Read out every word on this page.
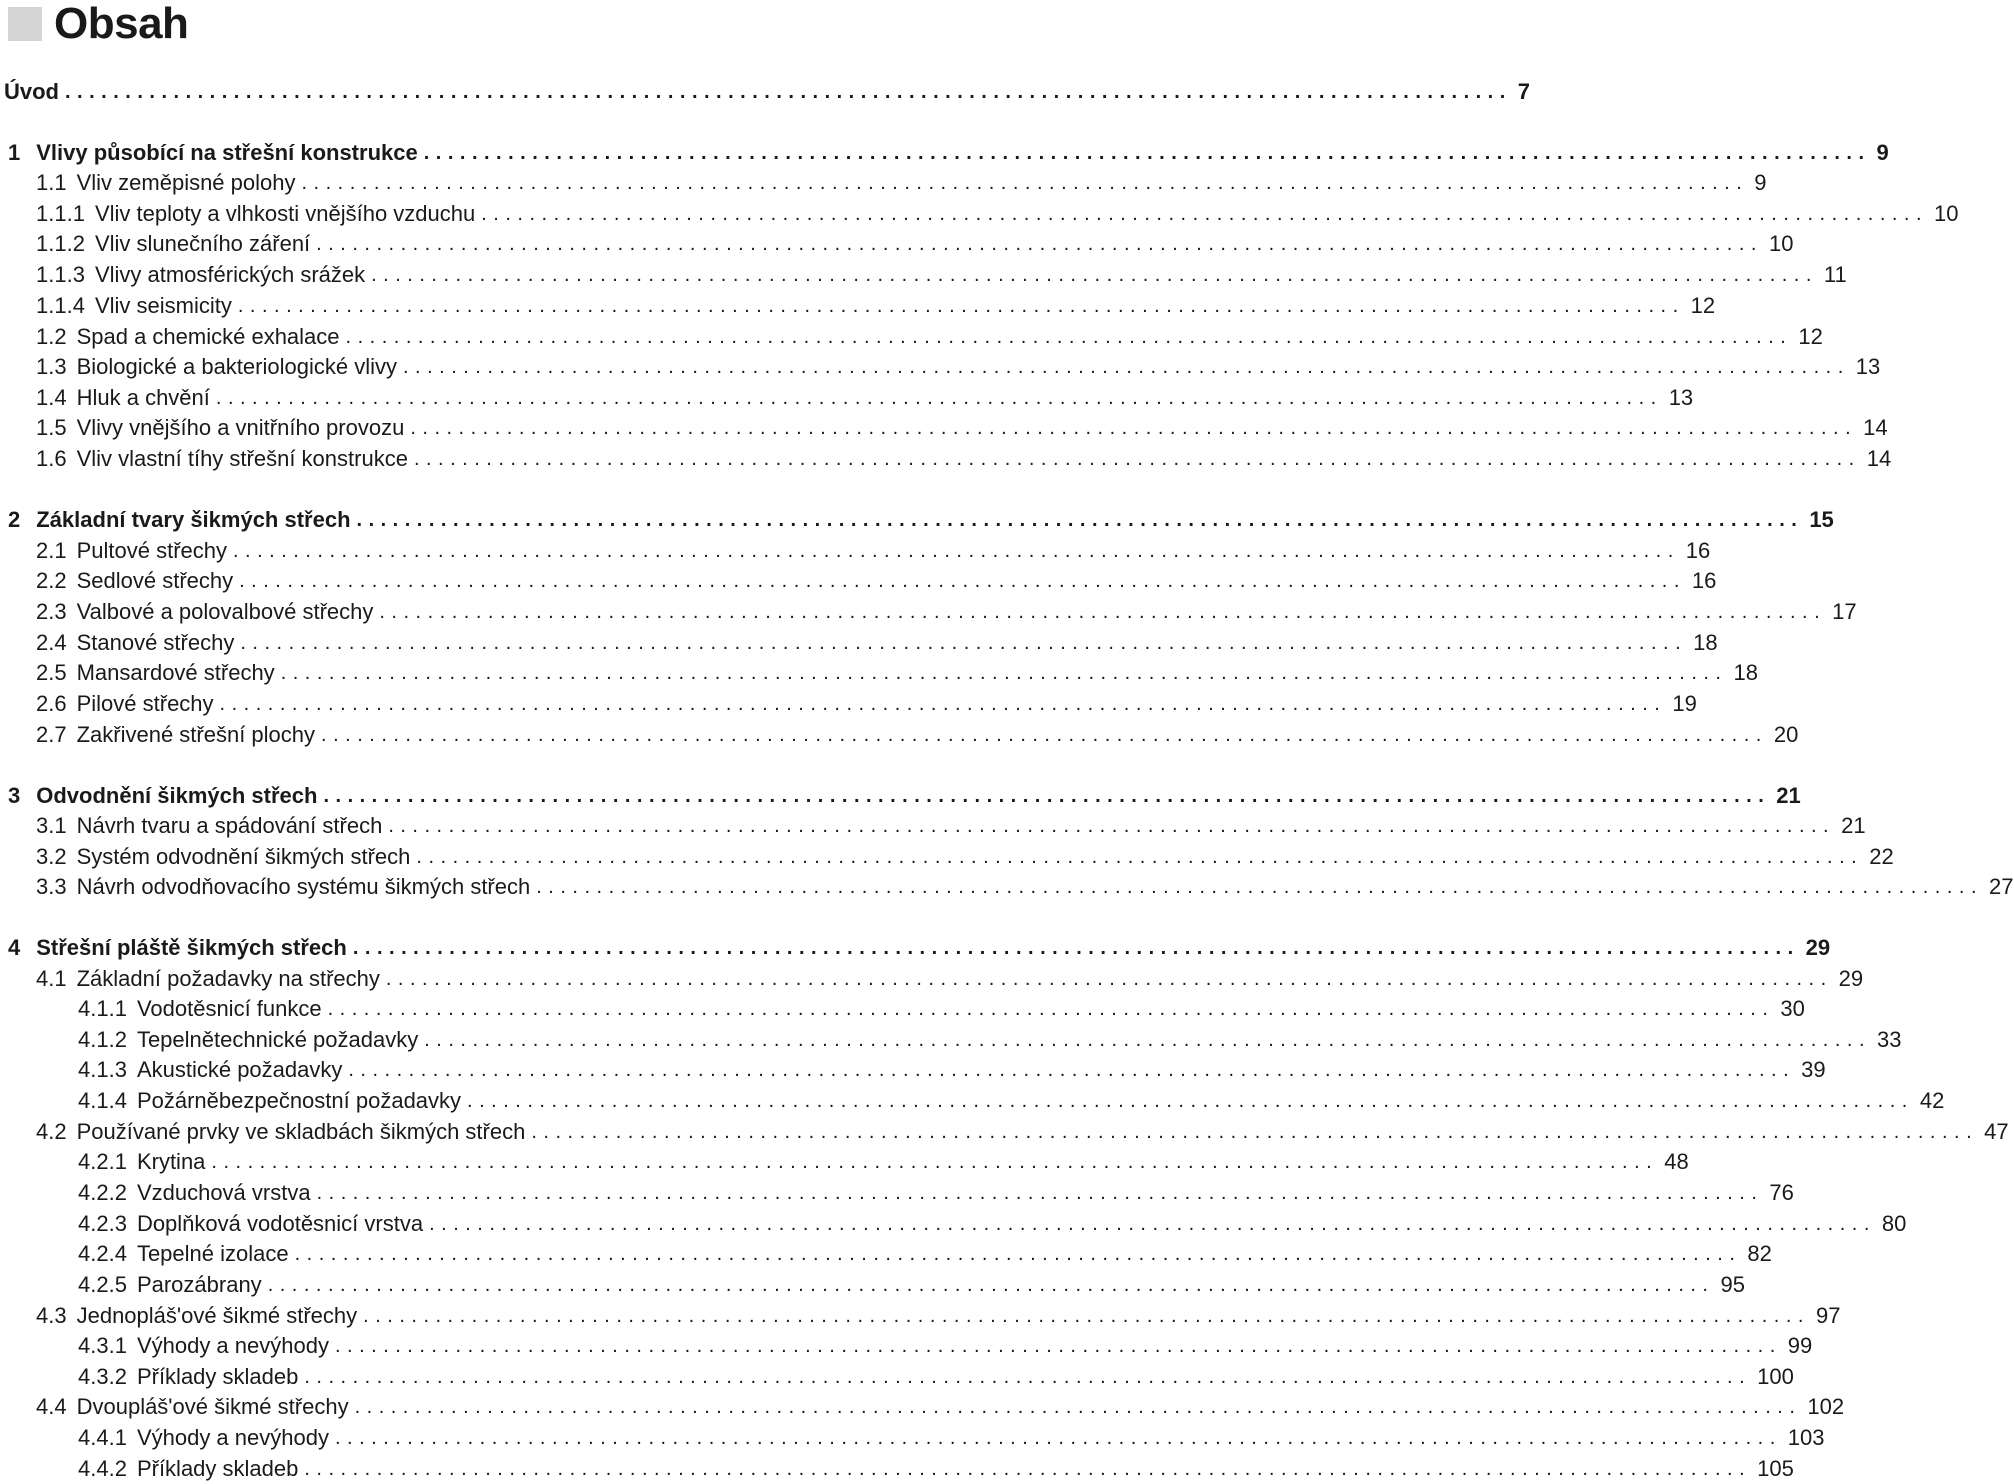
Obsah
Úvod ........................................................................................................................ 7
1 Vlivy působící na střešní konstrukce ........................................................................................................................ 9
1.1 Vliv zeměpisné polohy ........................................................................................................................ 9
1.1.1 Vliv teploty a vlhkosti vnějšího vzduchu ........................................................................................................................ 10
1.1.2 Vliv slunečního záření ........................................................................................................................ 10
1.1.3 Vlivy atmosférických srážek ........................................................................................................................ 11
1.1.4 Vliv seismicity ........................................................................................................................ 12
1.2 Spad a chemické exhalace ........................................................................................................................ 12
1.3 Biologické a bakteriologické vlivy ........................................................................................................................ 13
1.4 Hluk a chvění ........................................................................................................................ 13
1.5 Vlivy vnějšího a vnitřního provozu ........................................................................................................................ 14
1.6 Vliv vlastní tíhy střešní konstrukce ........................................................................................................................ 14
2 Základní tvary šikmých střech ........................................................................................................................ 15
2.1 Pultové střechy ........................................................................................................................ 16
2.2 Sedlové střechy ........................................................................................................................ 16
2.3 Valbové a polovalbové střechy ........................................................................................................................ 17
2.4 Stanové střechy ........................................................................................................................ 18
2.5 Mansardové střechy ........................................................................................................................ 18
2.6 Pilové střechy ........................................................................................................................ 19
2.7 Zakřivené střešní plochy ........................................................................................................................ 20
3 Odvodnění šikmých střech ........................................................................................................................ 21
3.1 Návrh tvaru a spádování střech ........................................................................................................................ 21
3.2 Systém odvodnění šikmých střech ........................................................................................................................ 22
3.3 Návrh odvodňovacího systému šikmých střech ........................................................................................................................ 27
4 Střešní pláště šikmých střech ........................................................................................................................ 29
4.1 Základní požadavky na střechy ........................................................................................................................ 29
4.1.1 Vodotěsnicí funkce ........................................................................................................................ 30
4.1.2 Tepelnětechnické požadavky ........................................................................................................................ 33
4.1.3 Akustické požadavky ........................................................................................................................ 39
4.1.4 Požárněbezpečnostní požadavky ........................................................................................................................ 42
4.2 Používané prvky ve skladbách šikmých střech ........................................................................................................................ 47
4.2.1 Krytina ........................................................................................................................ 48
4.2.2 Vzduchová vrstva ........................................................................................................................ 76
4.2.3 Doplňková vodotěsnicí vrstva ........................................................................................................................ 80
4.2.4 Tepelné izolace ........................................................................................................................ 82
4.2.5 Parozábrany ........................................................................................................................ 95
4.3 Jednopláš'ové šikmé střechy ........................................................................................................................ 97
4.3.1 Výhody a nevýhody ........................................................................................................................ 99
4.3.2 Příklady skladeb ........................................................................................................................ 100
4.4 Dvoupláš'ové šikmé střechy ........................................................................................................................ 102
4.4.1 Výhody a nevýhody ........................................................................................................................ 103
4.4.2 Příklady skladeb ........................................................................................................................ 105
